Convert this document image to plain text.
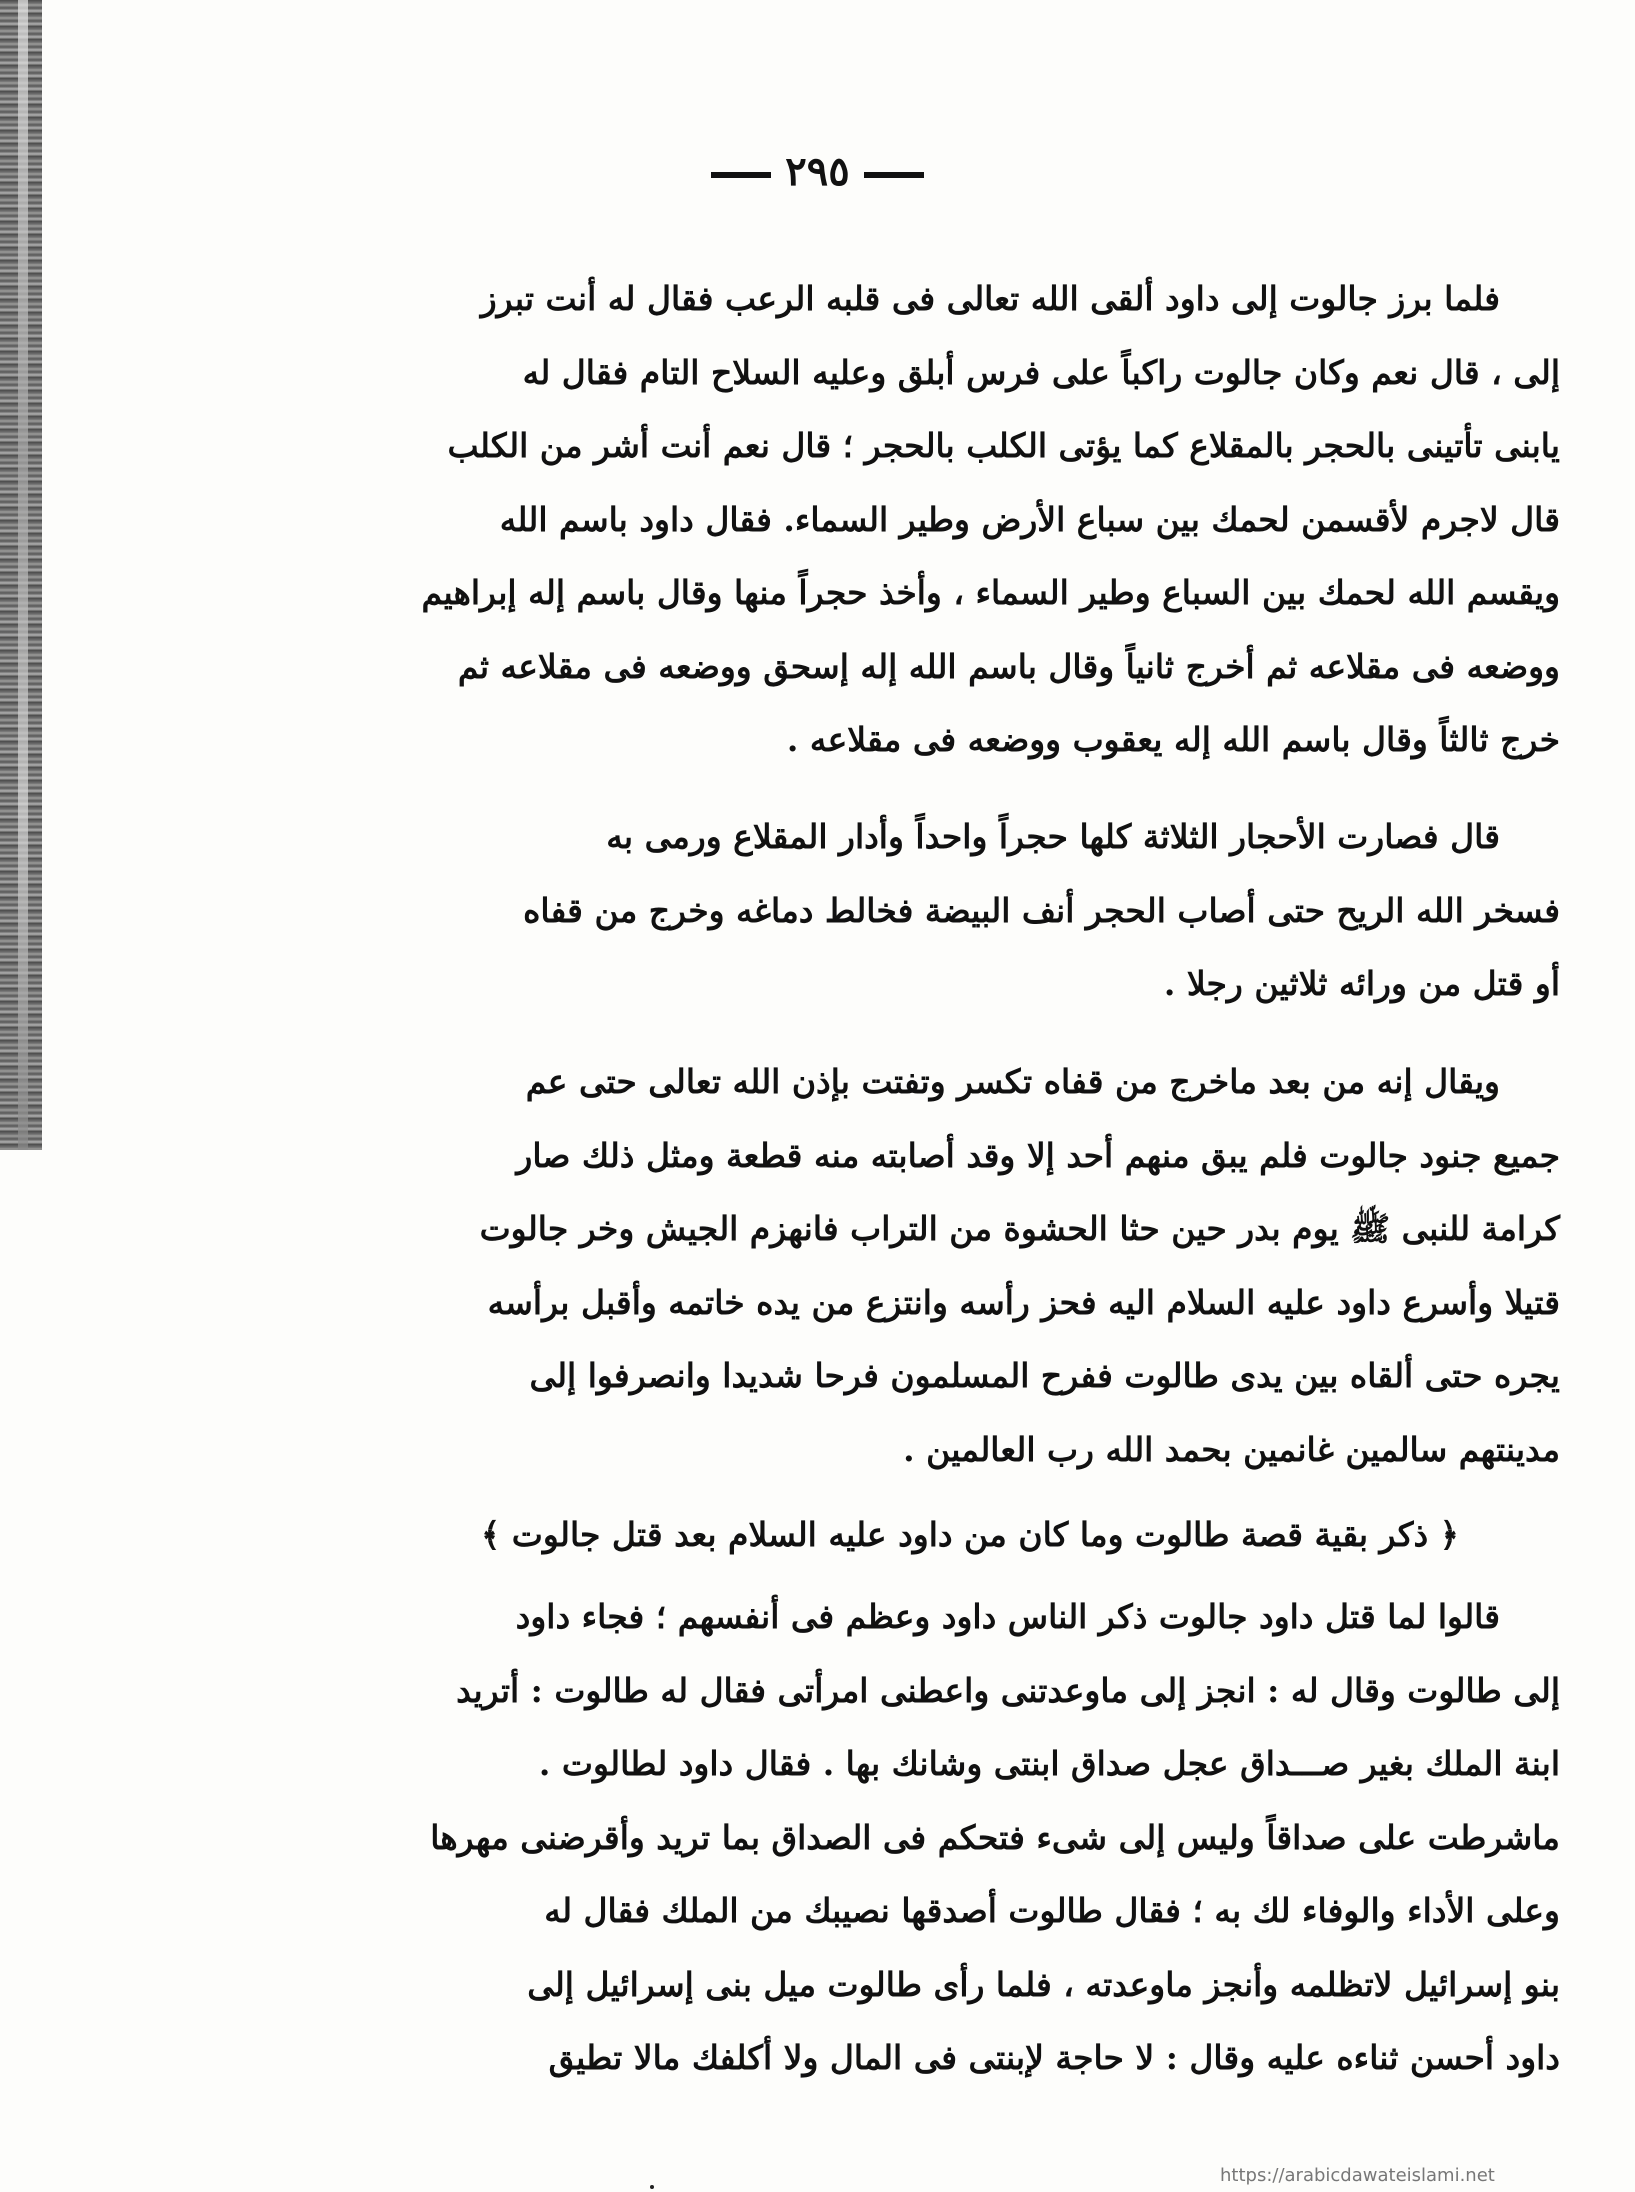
٢٩٥

فلما برز جالوت إلى داود ألقى الله تعالى فى قلبه الرعب فقال له أنت تبرز

إلى ، قال نعم وكان جالوت راكباً على فرس أبلق وعليه السلاح التام فقال له

يابنى تأتينى بالحجر بالمقلاع كما يؤتى الكلب بالحجر ؛ قال نعم أنت أشر من الكلب

قال لاجرم لأقسمن لحمك بين سباع الأرض وطير السماء. فقال داود باسم الله

ويقسم الله لحمك بين السباع وطير السماء ، وأخذ حجراً منها وقال باسم إله إبراهيم

ووضعه فى مقلاعه ثم أخرج ثانياً وقال باسم الله إله إسحق ووضعه فى مقلاعه ثم

خرج ثالثاً وقال باسم الله إله يعقوب ووضعه فى مقلاعه .

قال فصارت الأحجار الثلاثة كلها حجراً واحداً وأدار المقلاع ورمى به

فسخر الله الريح حتى أصاب الحجر أنف البيضة فخالط دماغه وخرج من قفاه

أو قتل من ورائه ثلاثين رجلا .

ويقال إنه من بعد ماخرج من قفاه تكسر وتفتت بإذن الله تعالى حتى عم

جميع جنود جالوت فلم يبق منهم أحد إلا وقد أصابته منه قطعة ومثل ذلك صار

كرامة للنبى ﷺ يوم بدر حين حثا الحشوة من التراب فانهزم الجيش وخر جالوت

قتيلا وأسرع داود عليه السلام اليه فحز رأسه وانتزع من يده خاتمه وأقبل برأسه

يجره حتى ألقاه بين يدى طالوت ففرح المسلمون فرحا شديدا وانصرفوا إلى

مدينتهم سالمين غانمين بحمد الله رب العالمين .

﴿ ذكر بقية قصة طالوت وما كان من داود عليه السلام بعد قتل جالوت ﴾

قالوا لما قتل داود جالوت ذكر الناس داود وعظم فى أنفسهم ؛ فجاء داود

إلى طالوت وقال له : انجز إلى ماوعدتنى واعطنى امرأتى فقال له طالوت : أتريد

ابنة الملك بغير صـــداق عجل صداق ابنتى وشانك بها . فقال داود لطالوت .

ماشرطت على صداقاً وليس إلى شىء فتحكم فى الصداق بما تريد وأقرضنى مهرها

وعلى الأداء والوفاء لك به ؛ فقال طالوت أصدقها نصيبك من الملك فقال له

بنو إسرائيل لاتظلمه وأنجز ماوعدته ، فلما رأى طالوت ميل بنى إسرائيل إلى

داود أحسن ثناءه عليه وقال : لا حاجة لإبنتى فى المال ولا أكلفك مالا تطيق

https://arabicdawateislami.net
